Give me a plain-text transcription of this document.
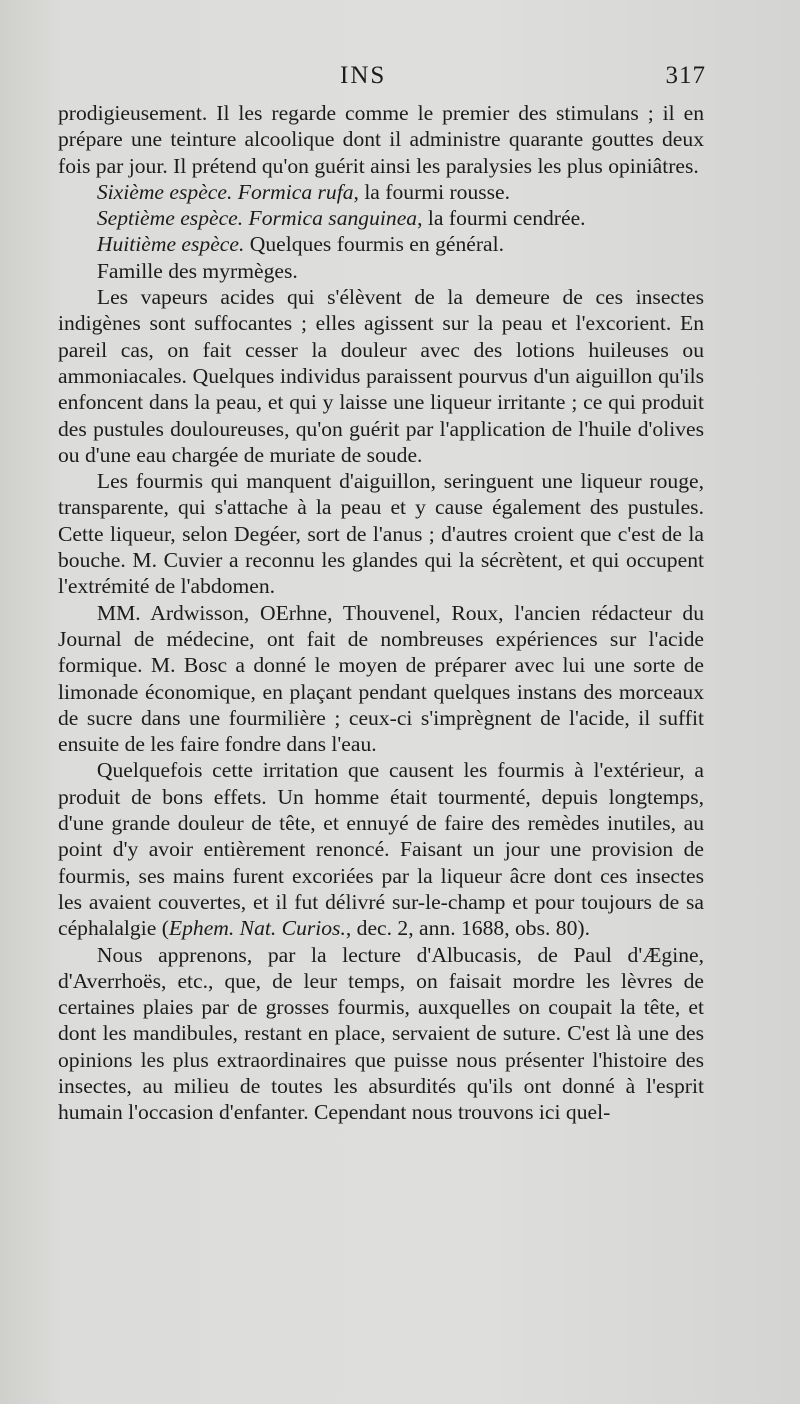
INS	317

prodigieusement. Il les regarde comme le premier des stimulans ; il en prépare une teinture alcoolique dont il administre quarante gouttes deux fois par jour. Il prétend qu'on guérit ainsi les paralysies les plus opiniâtres.

Sixième espèce. Formica rufa, la fourmi rousse.

Septième espèce. Formica sanguinea, la fourmi cendrée.

Huitième espèce. Quelques fourmis en général.

Famille des myrmèges.

Les vapeurs acides qui s'élèvent de la demeure de ces insectes indigènes sont suffocantes ; elles agissent sur la peau et l'excorient. En pareil cas, on fait cesser la douleur avec des lotions huileuses ou ammoniacales. Quelques individus paraissent pourvus d'un aiguillon qu'ils enfoncent dans la peau, et qui y laisse une liqueur irritante ; ce qui produit des pustules douloureuses, qu'on guérit par l'application de l'huile d'olives ou d'une eau chargée de muriate de soude.

Les fourmis qui manquent d'aiguillon, seringuent une liqueur rouge, transparente, qui s'attache à la peau et y cause également des pustules. Cette liqueur, selon Degéer, sort de l'anus ; d'autres croient que c'est de la bouche. M. Cuvier a reconnu les glandes qui la sécrètent, et qui occupent l'extrémité de l'abdomen.

MM. Ardwisson, OErhne, Thouvenel, Roux, l'ancien rédacteur du Journal de médecine, ont fait de nombreuses expériences sur l'acide formique. M. Bosc a donné le moyen de préparer avec lui une sorte de limonade économique, en plaçant pendant quelques instans des morceaux de sucre dans une fourmilière ; ceux-ci s'imprègnent de l'acide, il suffit ensuite de les faire fondre dans l'eau.

Quelquefois cette irritation que causent les fourmis à l'extérieur, a produit de bons effets. Un homme était tourmenté, depuis longtemps, d'une grande douleur de tête, et ennuyé de faire des remèdes inutiles, au point d'y avoir entièrement renoncé. Faisant un jour une provision de fourmis, ses mains furent excoriées par la liqueur âcre dont ces insectes les avaient couvertes, et il fut délivré sur-le-champ et pour toujours de sa céphalalgie (Ephem. Nat. Curios., dec. 2, ann. 1688, obs. 80).

Nous apprenons, par la lecture d'Albucasis, de Paul d'Ægine, d'Averrhoës, etc., que, de leur temps, on faisait mordre les lèvres de certaines plaies par de grosses fourmis, auxquelles on coupait la tête, et dont les mandibules, restant en place, servaient de suture. C'est là une des opinions les plus extraordinaires que puisse nous présenter l'histoire des insectes, au milieu de toutes les absurdités qu'ils ont donné à l'esprit humain l'occasion d'enfanter. Cependant nous trouvons ici quel-
